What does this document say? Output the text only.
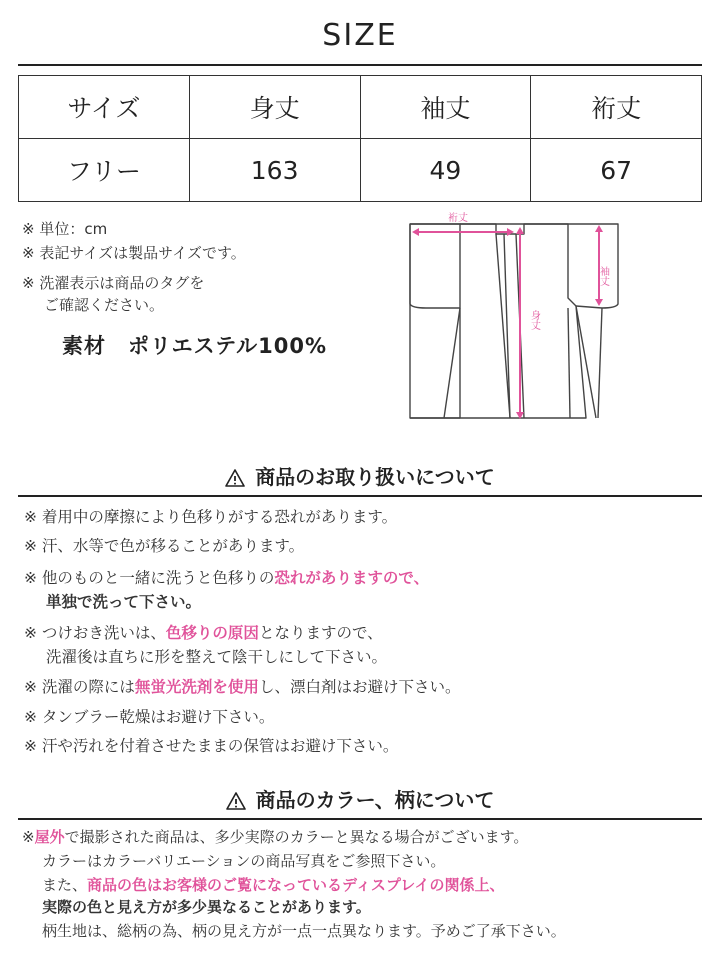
SIZE
サイズ	身丈	袖丈	裄丈
フリー	163	49	67
※ 単位：cm
※ 表記サイズは製品サイズです。
※ 洗濯表示は商品のタグを
ご確認ください。
素材　ポリエステル100%
裄丈
袖丈
身丈
商品のお取り扱いについて
※ 着用中の摩擦により色移りがする恐れがあります。
※ 汗、水等で色が移ることがあります。
※ 他のものと一緒に洗うと色移りの恐れがありますので、
単独で洗って下さい。
※ つけおき洗いは、色移りの原因となりますので、
洗濯後は直ちに形を整えて陰干しにして下さい。
※ 洗濯の際には無蛍光洗剤を使用し、漂白剤はお避け下さい。
※ タンブラー乾燥はお避け下さい。
※ 汗や汚れを付着させたままの保管はお避け下さい。
商品のカラー、柄について
※屋外で撮影された商品は、多少実際のカラーと異なる場合がございます。
カラーはカラーバリエーションの商品写真をご参照下さい。
また、商品の色はお客様のご覧になっているディスプレイの関係上、
実際の色と見え方が多少異なることがあります。
柄生地は、総柄の為、柄の見え方が一点一点異なります。予めご了承下さい。
